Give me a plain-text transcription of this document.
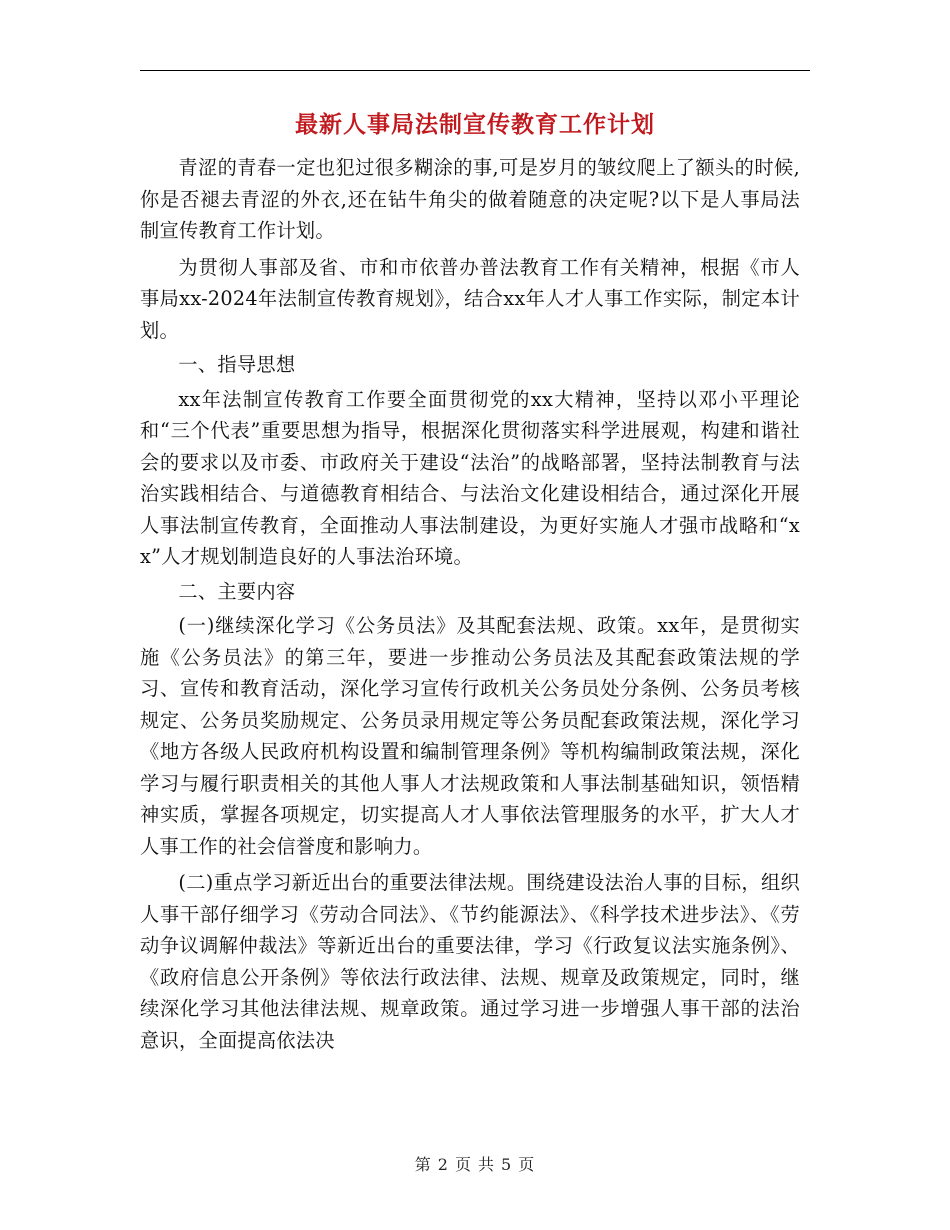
最新人事局法制宣传教育工作计划

青涩的青春一定也犯过很多糊涂的事,可是岁月的皱纹爬上了额头的时候,你是否褪去青涩的外衣,还在钻牛角尖的做着随意的决定呢?以下是人事局法制宣传教育工作计划。

为贯彻人事部及省、市和市依普办普法教育工作有关精神，根据《市人事局xx-2024年法制宣传教育规划》，结合xx年人才人事工作实际，制定本计划。

一、指导思想

xx年法制宣传教育工作要全面贯彻党的xx大精神，坚持以邓小平理论和“三个代表”重要思想为指导，根据深化贯彻落实科学进展观，构建和谐社会的要求以及市委、市政府关于建设“法治”的战略部署，坚持法制教育与法治实践相结合、与道德教育相结合、与法治文化建设相结合，通过深化开展人事法制宣传教育，全面推动人事法制建设，为更好实施人才强市战略和“xx”人才规划制造良好的人事法治环境。

二、主要内容

(一)继续深化学习《公务员法》及其配套法规、政策。xx年，是贯彻实施《公务员法》的第三年，要进一步推动公务员法及其配套政策法规的学习、宣传和教育活动，深化学习宣传行政机关公务员处分条例、公务员考核规定、公务员奖励规定、公务员录用规定等公务员配套政策法规，深化学习《地方各级人民政府机构设置和编制管理条例》等机构编制政策法规，深化学习与履行职责相关的其他人事人才法规政策和人事法制基础知识，领悟精神实质，掌握各项规定，切实提高人才人事依法管理服务的水平，扩大人才人事工作的社会信誉度和影响力。

(二)重点学习新近出台的重要法律法规。围绕建设法治人事的目标，组织人事干部仔细学习《劳动合同法》、《节约能源法》、《科学技术进步法》、《劳动争议调解仲裁法》等新近出台的重要法律，学习《行政复议法实施条例》、《政府信息公开条例》等依法行政法律、法规、规章及政策规定，同时，继续深化学习其他法律法规、规章政策。通过学习进一步增强人事干部的法治意识，全面提高依法决

第 2 页 共 5 页
